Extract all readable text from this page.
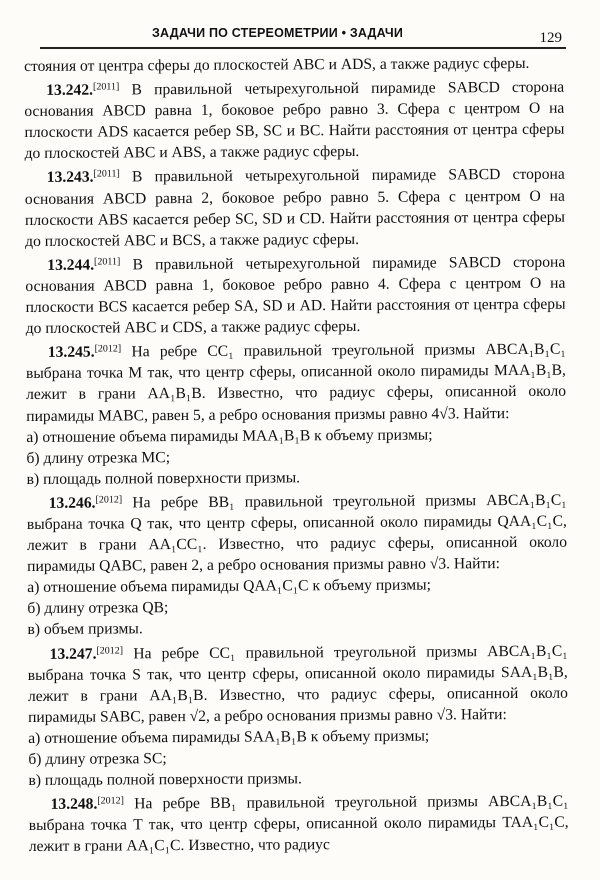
ЗАДАЧИ ПО СТЕРЕОМЕТРИИ • ЗАДАЧИ	129

стояния от центра сферы до плоскостей ABC и ADS, а также радиус сферы.

13.242.[2011] В правильной четырехугольной пирамиде SABCD сторона основания ABCD равна 1, боковое ребро равно 3. Сфера с центром O на плоскости ADS касается ребер SB, SC и BC. Найти расстояния от центра сферы до плоскостей ABC и ABS, а также радиус сферы.

13.243.[2011] В правильной четырехугольной пирамиде SABCD сторона основания ABCD равна 2, боковое ребро равно 5. Сфера с центром O на плоскости ABS касается ребер SC, SD и CD. Найти расстояния от центра сферы до плоскостей ABC и BCS, а также радиус сферы.

13.244.[2011] В правильной четырехугольной пирамиде SABCD сторона основания ABCD равна 1, боковое ребро равно 4. Сфера с центром O на плоскости BCS касается ребер SA, SD и AD. Найти расстояния от центра сферы до плоскостей ABC и CDS, а также радиус сферы.

13.245.[2012] На ребре CC₁ правильной треугольной призмы ABCA₁B₁C₁ выбрана точка M так, что центр сферы, описанной около пирамиды MAA₁B₁B, лежит в грани AA₁B₁B. Известно, что радиус сферы, описанной около пирамиды MABC, равен 5, а ребро основания призмы равно 4√3. Найти:

а) отношение объема пирамиды MAA₁B₁B к объему призмы;

б) длину отрезка MC;

в) площадь полной поверхности призмы.

13.246.[2012] На ребре BB₁ правильной треугольной призмы ABCA₁B₁C₁ выбрана точка Q так, что центр сферы, описанной около пирамиды QAA₁C₁C, лежит в грани AA₁CC₁. Известно, что радиус сферы, описанной около пирамиды QABC, равен 2, а ребро основания призмы равно √3. Найти:

а) отношение объема пирамиды QAA₁C₁C к объему призмы;

б) длину отрезка QB;

в) объем призмы.

13.247.[2012] На ребре CC₁ правильной треугольной призмы ABCA₁B₁C₁ выбрана точка S так, что центр сферы, описанной около пирамиды SAA₁B₁B, лежит в грани AA₁B₁B. Известно, что радиус сферы, описанной около пирамиды SABC, равен √2, а ребро основания призмы равно √3. Найти:

а) отношение объема пирамиды SAA₁B₁B к объему призмы;

б) длину отрезка SC;

в) площадь полной поверхности призмы.

13.248.[2012] На ребре BB₁ правильной треугольной призмы ABCA₁B₁C₁ выбрана точка T так, что центр сферы, описанной около пирамиды TAA₁C₁C, лежит в грани AA₁C₁C. Известно, что радиус
